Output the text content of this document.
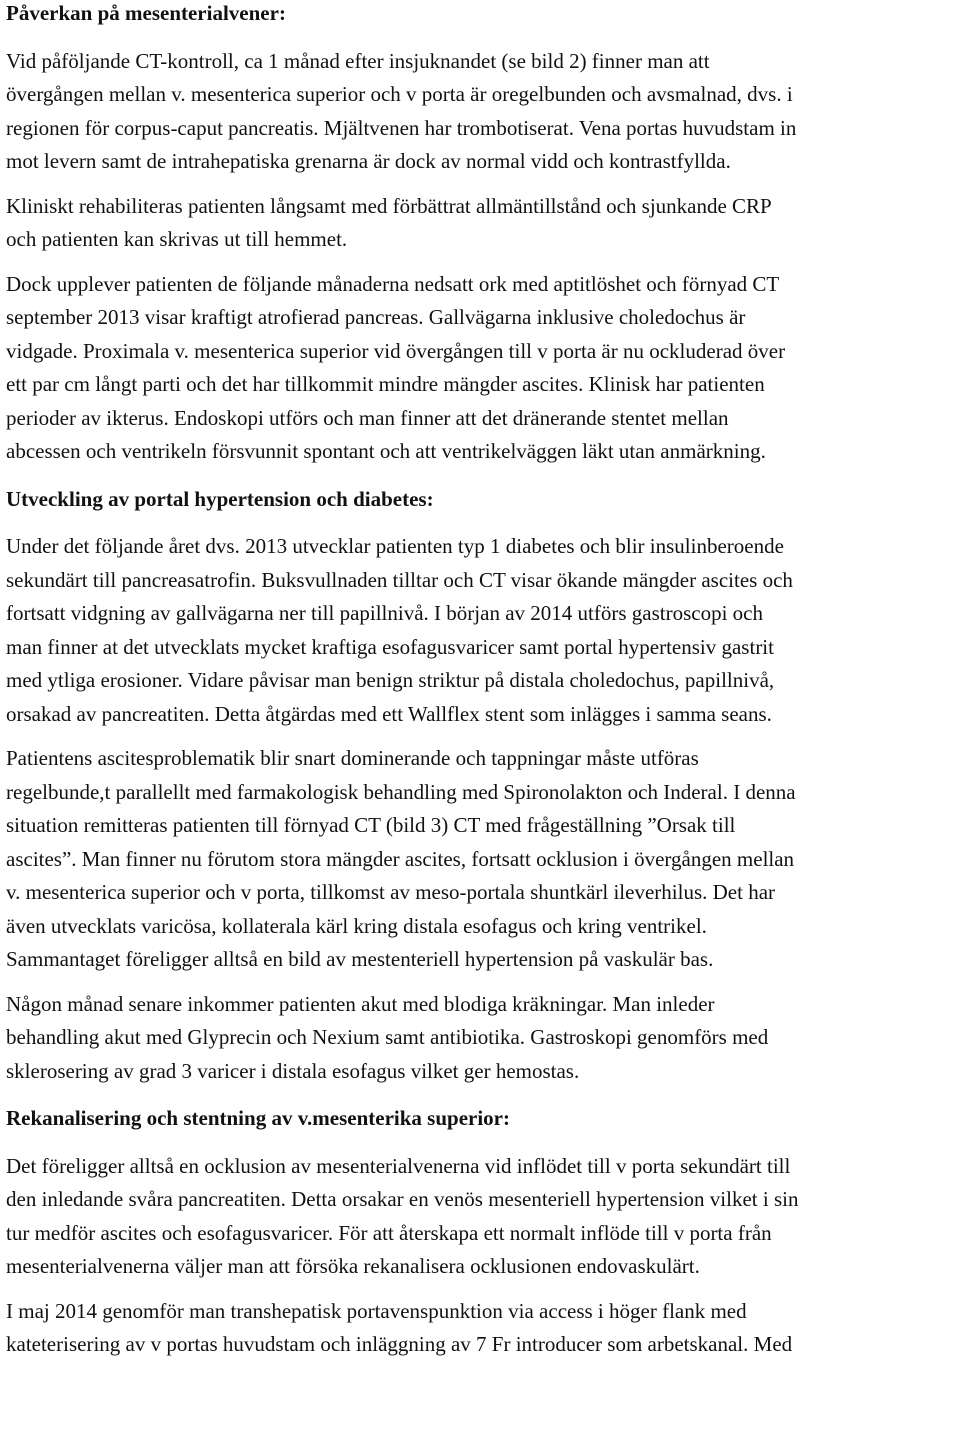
Påverkan på mesenterialvener:
Vid påföljande CT-kontroll, ca 1 månad efter insjuknandet (se bild 2) finner man att
övergången mellan v. mesenterica superior och v porta är oregelbunden och avsmalnad, dvs. i
regionen för corpus-caput pancreatis. Mjältvenen har trombotiserat. Vena portas huvudstam in
mot levern samt de intrahepatiska grenarna är dock av normal vidd och kontrastfyllda.
Kliniskt rehabiliteras patienten långsamt med förbättrat allmäntillstånd och sjunkande CRP
och patienten kan skrivas ut till hemmet.
Dock upplever patienten de följande månaderna nedsatt ork med aptitlöshet och förnyad CT
september 2013 visar kraftigt atrofierad pancreas. Gallvägarna inklusive choledochus är
vidgade. Proximala v. mesenterica superior vid övergången till v porta är nu ockluderad över
ett par cm långt parti och det har tillkommit mindre mängder ascites. Klinisk har patienten
perioder av ikterus. Endoskopi utförs och man finner att det dränerande stentet mellan
abcessen och ventrikeln försvunnit spontant och att ventrikelväggen läkt utan anmärkning.
Utveckling av portal hypertension och diabetes:
Under det följande året dvs. 2013 utvecklar patienten typ 1 diabetes och blir insulinberoende
sekundärt till pancreasatrofin. Buksvullnaden tilltar och CT visar ökande mängder ascites och
fortsatt vidgning av gallvägarna ner till papillnivå. I början av 2014 utförs gastroscopi och
man finner at det utvecklats mycket kraftiga esofagusvaricer samt portal hypertensiv gastrit
med ytliga erosioner. Vidare påvisar man benign striktur på distala choledochus, papillnivå,
orsakad av pancreatiten. Detta åtgärdas med ett Wallflex stent som inlägges i samma seans.
Patientens ascitesproblematik blir snart dominerande och tappningar måste utföras
regelbunde,t parallellt med farmakologisk behandling med Spironolakton och Inderal. I denna
situation remitteras patienten till förnyad CT (bild 3) CT med frågeställning ”Orsak till
ascites”. Man finner nu förutom stora mängder ascites, fortsatt ocklusion i övergången mellan
v. mesenterica superior och v porta, tillkomst av meso-portala shuntkärl ileverhilus. Det har
även utvecklats varicösa, kollaterala kärl kring distala esofagus och kring ventrikel.
Sammantaget föreligger alltså en bild av mestenteriell hypertension på vaskulär bas.
Någon månad senare inkommer patienten akut med blodiga kräkningar. Man inleder
behandling akut med Glyprecin och Nexium samt antibiotika. Gastroskopi genomförs med
sklerosering av grad 3 varicer i distala esofagus vilket ger hemostas.
Rekanalisering och stentning av v.mesenterika superior:
Det föreligger alltså en ocklusion av mesenterialvenerna vid inflödet till v porta sekundärt till
den inledande svåra pancreatiten. Detta orsakar en venös mesenteriell hypertension vilket i sin
tur medför ascites och esofagusvaricer. För att återskapa ett normalt inflöde till v porta från
mesenterialvenerna väljer man att försöka rekanalisera ocklusionen endovaskulärt.
I maj 2014 genomför man transhepatisk portavenspunktion via access i höger flank med
kateterisering av v portas huvudstam och inläggning av 7 Fr introducer som arbetskanal. Med
